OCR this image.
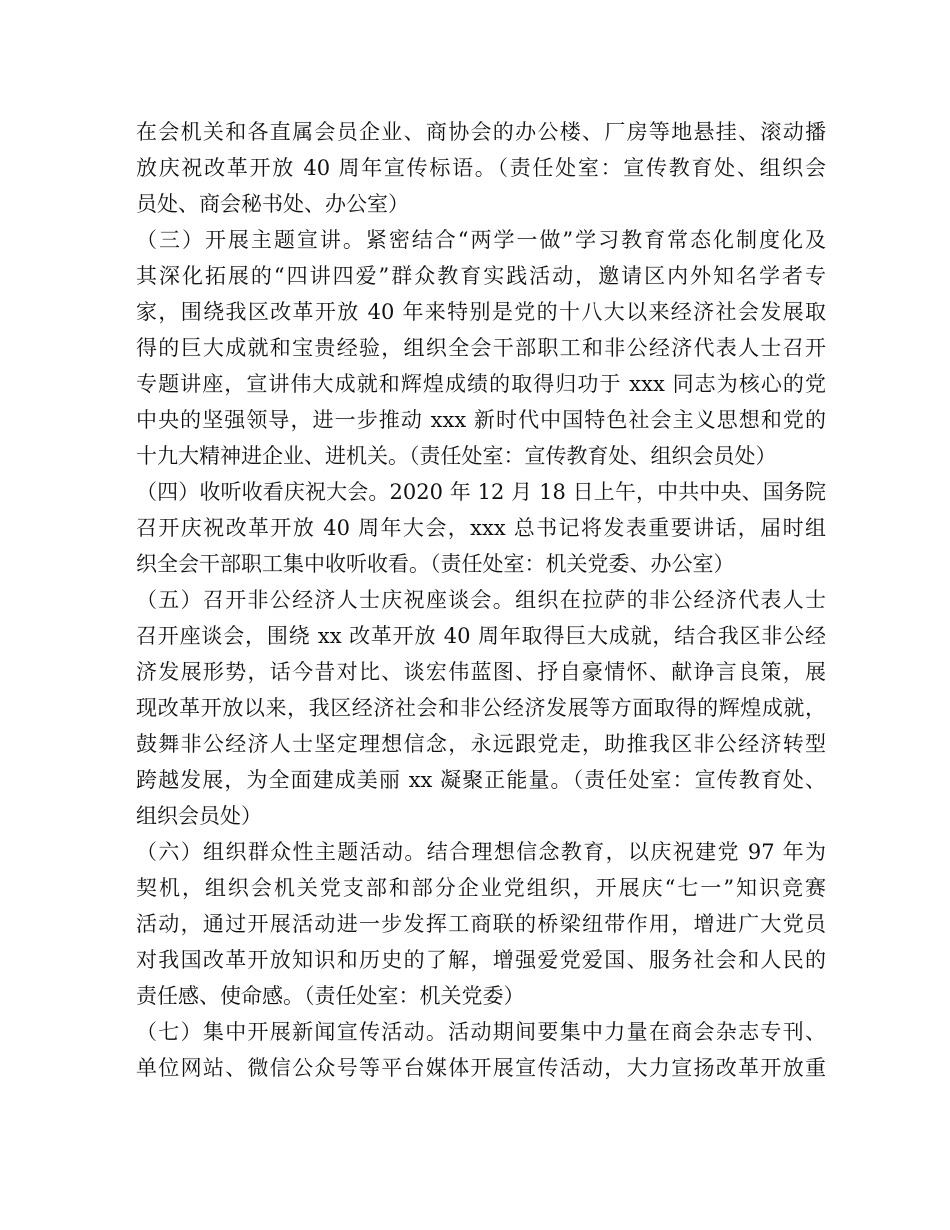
在会机关和各直属会员企业、商协会的办公楼、厂房等地悬挂、滚动播
放庆祝改革开放 40 周年宣传标语。（责任处室：宣传教育处、组织会
员处、商会秘书处、办公室）
（三）开展主题宣讲。紧密结合“两学一做”学习教育常态化制度化及
其深化拓展的“四讲四爱”群众教育实践活动，邀请区内外知名学者专
家，围绕我区改革开放 40 年来特别是党的十八大以来经济社会发展取
得的巨大成就和宝贵经验，组织全会干部职工和非公经济代表人士召开
专题讲座，宣讲伟大成就和辉煌成绩的取得归功于 xxx 同志为核心的党
中央的坚强领导，进一步推动 xxx 新时代中国特色社会主义思想和党的
十九大精神进企业、进机关。（责任处室：宣传教育处、组织会员处）
（四）收听收看庆祝大会。2020 年 12 月 18 日上午，中共中央、国务院
召开庆祝改革开放 40 周年大会，xxx 总书记将发表重要讲话，届时组
织全会干部职工集中收听收看。（责任处室：机关党委、办公室）
（五）召开非公经济人士庆祝座谈会。组织在拉萨的非公经济代表人士
召开座谈会，围绕 xx 改革开放 40 周年取得巨大成就，结合我区非公经
济发展形势，话今昔对比、谈宏伟蓝图、抒自豪情怀、献诤言良策，展
现改革开放以来，我区经济社会和非公经济发展等方面取得的辉煌成就，
鼓舞非公经济人士坚定理想信念，永远跟党走，助推我区非公经济转型
跨越发展，为全面建成美丽 xx 凝聚正能量。（责任处室：宣传教育处、
组织会员处）
（六）组织群众性主题活动。结合理想信念教育，以庆祝建党 97 年为
契机，组织会机关党支部和部分企业党组织，开展庆“七一”知识竞赛
活动，通过开展活动进一步发挥工商联的桥梁纽带作用，增进广大党员
对我国改革开放知识和历史的了解，增强爱党爱国、服务社会和人民的
责任感、使命感。（责任处室：机关党委）
（七）集中开展新闻宣传活动。活动期间要集中力量在商会杂志专刊、
单位网站、微信公众号等平台媒体开展宣传活动，大力宣扬改革开放重
